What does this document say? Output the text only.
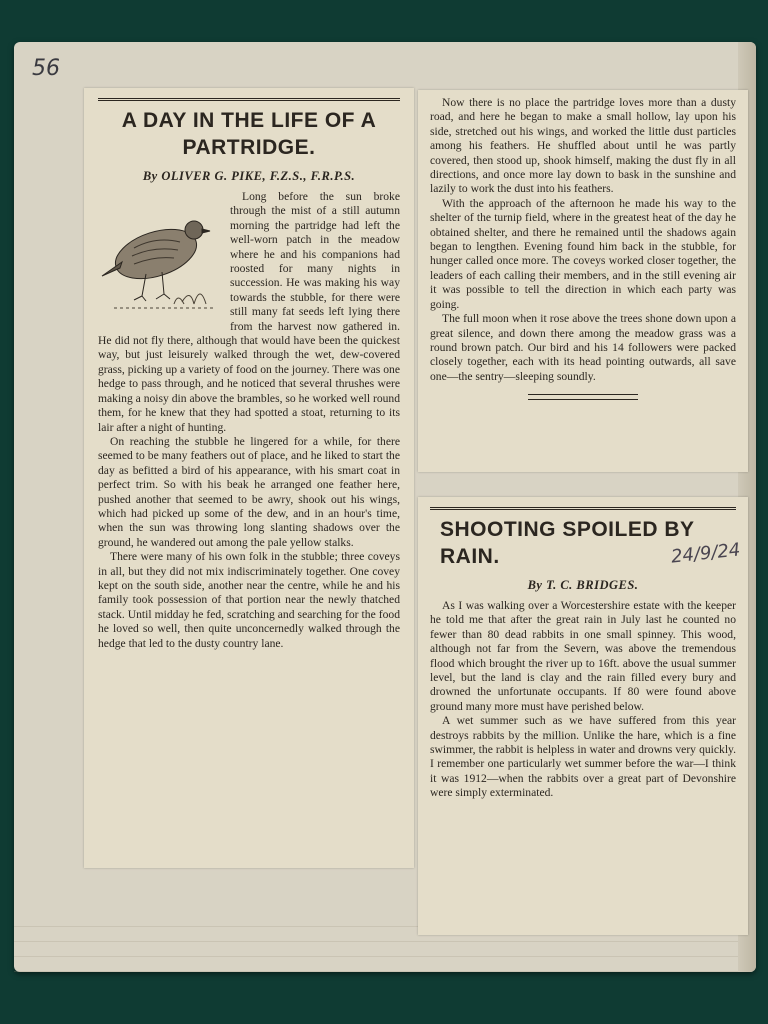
56
A DAY IN THE LIFE OF A PARTRIDGE.
By OLIVER G. PIKE, F.Z.S., F.R.P.S.

Long before the sun broke through the mist of a still autumn morning the partridge had left the well-worn patch in the meadow where he and his companions had roosted for many nights in succession. He was making his way towards the stubble, for there were still many fat seeds left lying there from the harvest now gathered in. He did not fly there, although that would have been the quickest way, but just leisurely walked through the wet, dew-covered grass, picking up a variety of food on the journey. There was one hedge to pass through, and he noticed that several thrushes were making a noisy din above the brambles, so he worked well round them, for he knew that they had spotted a stoat, returning to its lair after a night of hunting.

On reaching the stubble he lingered for a while, for there seemed to be many feathers out of place, and he liked to start the day as befitted a bird of his appearance, with his smart coat in perfect trim. So with his beak he arranged one feather here, pushed another that seemed to be awry, shook out his wings, which had picked up some of the dew, and in an hour's time, when the sun was throwing long slanting shadows over the ground, he wandered out among the pale yellow stalks.

There were many of his own folk in the stubble; three coveys in all, but they did not mix indiscriminately together. One covey kept on the south side, another near the centre, while he and his family took possession of that portion near the newly thatched stack. Until midday he fed, scratching and searching for the food he loved so well, then quite unconcernedly walked through the hedge that led to the dusty country lane.

Now there is no place the partridge loves more than a dusty road, and here he began to make a small hollow, lay upon his side, stretched out his wings, and worked the little dust particles among his feathers. He shuffled about until he was partly covered, then stood up, shook himself, making the dust fly in all directions, and once more lay down to bask in the sunshine and lazily to work the dust into his feathers.

With the approach of the afternoon he made his way to the shelter of the turnip field, where in the greatest heat of the day he obtained shelter, and there he remained until the shadows again began to lengthen. Evening found him back in the stubble, for hunger called once more. The coveys worked closer together, the leaders of each calling their members, and in the still evening air it was possible to tell the direction in which each party was going.

The full moon when it rose above the trees shone down upon a great silence, and down there among the meadow grass was a round brown patch. Our bird and his 14 followers were packed closely together, each with its head pointing outwards, all save one—the sentry—sleeping soundly.

SHOOTING SPOILED BY RAIN.	24/9/24
By T. C. BRIDGES.

As I was walking over a Worcestershire estate with the keeper he told me that after the great rain in July last he counted no fewer than 80 dead rabbits in one small spinney. This wood, although not far from the Severn, was above the tremendous flood which brought the river up to 16ft. above the usual summer level, but the land is clay and the rain filled every bury and drowned the unfortunate occupants. If 80 were found above ground many more must have perished below.

A wet summer such as we have suffered from this year destroys rabbits by the million. Unlike the hare, which is a fine swimmer, the rabbit is helpless in water and drowns very quickly. I remember one particularly wet summer before the war—I think it was 1912—when the rabbits over a great part of Devonshire were simply exterminated.
